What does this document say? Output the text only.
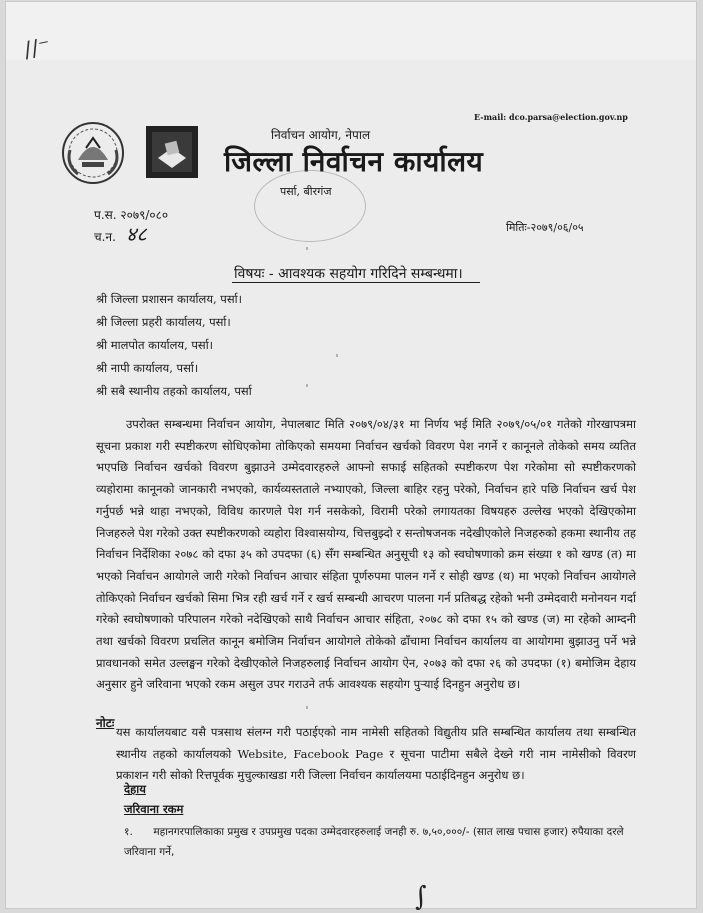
∕∕⁻
E-mail: dco.parsa@election.gov.np
निर्वाचन आयोग, नेपाल
जिल्ला निर्वाचन कार्यालय
पर्सा, बीरगंज
प.स. २०७९/०८०
च.न. ४८	मितिः-२०७९/०६/०५
विषयः - आवश्यक सहयोग गरिदिने सम्बन्धमा।
श्री जिल्ला प्रशासन कार्यालय, पर्सा।
श्री जिल्ला प्रहरी कार्यालय, पर्सा।
श्री मालपोत कार्यालय, पर्सा।
श्री नापी कार्यालय, पर्सा।
श्री सबै स्थानीय तहको कार्यालय, पर्सा

उपरोक्त सम्बन्धमा निर्वाचन आयोग, नेपालबाट मिति २०७९/०४/३१ मा निर्णय भई मिति २०७९/०५/०१ गतेको गोरखापत्रमा सूचना प्रकाश गरी स्पष्टीकरण सोधिएकोमा तोकिएको समयमा निर्वाचन खर्चको विवरण पेश नगर्ने र कानूनले तोकेको समय व्यतित भएपछि निर्वाचन खर्चको विवरण बुझाउने उम्मेदवारहरुले आफ्नो सफाई सहितको स्पष्टीकरण पेश गरेकोमा सो स्पष्टीकरणको व्यहोरामा कानूनको जानकारी नभएको, कार्यव्यस्तताले नभ्याएको, जिल्ला बाहिर रहनु परेको, निर्वाचन हारे पछि निर्वाचन खर्च पेश गर्नुपर्छ भन्ने थाहा नभएको, विविध कारणले पेश गर्न नसकेको, विरामी परेको लगायतका विषयहरु उल्लेख भएको देखिएकोमा निजहरुले पेश गरेको उक्त स्पष्टीकरणको व्यहोरा विश्वासयोग्य, चित्तबुझ्दो र सन्तोषजनक नदेखीएकोले निजहरुको हकमा स्थानीय तह निर्वाचन निर्देशिका २०७८ को दफा ३५ को उपदफा (६) सँग सम्बन्धित अनुसूची १३ को स्वघोषणाको क्रम संख्या १ को खण्ड (त) मा भएको निर्वाचन आयोगले जारी गरेको निर्वाचन आचार संहिता पूर्णरुपमा पालन गर्ने र सोही खण्ड (थ) मा भएको निर्वाचन आयोगले तोकिएको निर्वाचन खर्चको सिमा भित्र रही खर्च गर्ने र खर्च सम्बन्धी आचरण पालना गर्न प्रतिबद्ध रहेको भनी उम्मेदवारी मनोनयन गर्दा गरेको स्वघोषणाको परिपालन गरेको नदेखिएको साथै निर्वाचन आचार संहिता, २०७८ को दफा १५ को खण्ड (ज) मा रहेको आम्दनी तथा खर्चको विवरण प्रचलित कानून बमोजिम निर्वाचन आयोगले तोकेको ढाँचामा निर्वाचन कार्यालय वा आयोगमा बुझाउनु पर्ने भन्ने प्रावधानको समेत उल्लङ्घन गरेको देखीएकोले निजहरुलाई निर्वाचन आयोग ऐन, २०७३ को दफा २६ को उपदफा (१) बमोजिम देहाय अनुसार हुने जरिवाना भएको रकम असुल उपर गराउने तर्फ आवश्यक सहयोग पुर्‍याई दिनहुन अनुरोध छ।

नोटः

यस कार्यालयबाट यसै पत्रसाथ संलग्न गरी पठाईएको नाम नामेसी सहितको विद्युतीय प्रति सम्बन्धित कार्यालय तथा सम्बन्धित स्थानीय तहको कार्यालयको Website, Facebook Page र सूचना पाटीमा सबैले देख्ने गरी नाम नामेसीको विवरण प्रकाशन गरी सोको रित्तपूर्वक मुचुल्काखडा गरी जिल्ला निर्वाचन कार्यालयमा पठाईदिनहुन अनुरोध छ।

देहाय
जरिवाना रकम
१. महानगरपालिकाका प्रमुख र उपप्रमुख पदका उम्मेदवारहरुलाई जनही रु. ७,५०,०००/- (सात लाख पचास हजार) रुपैयाका दरले जरिवाना गर्ने,
∫
